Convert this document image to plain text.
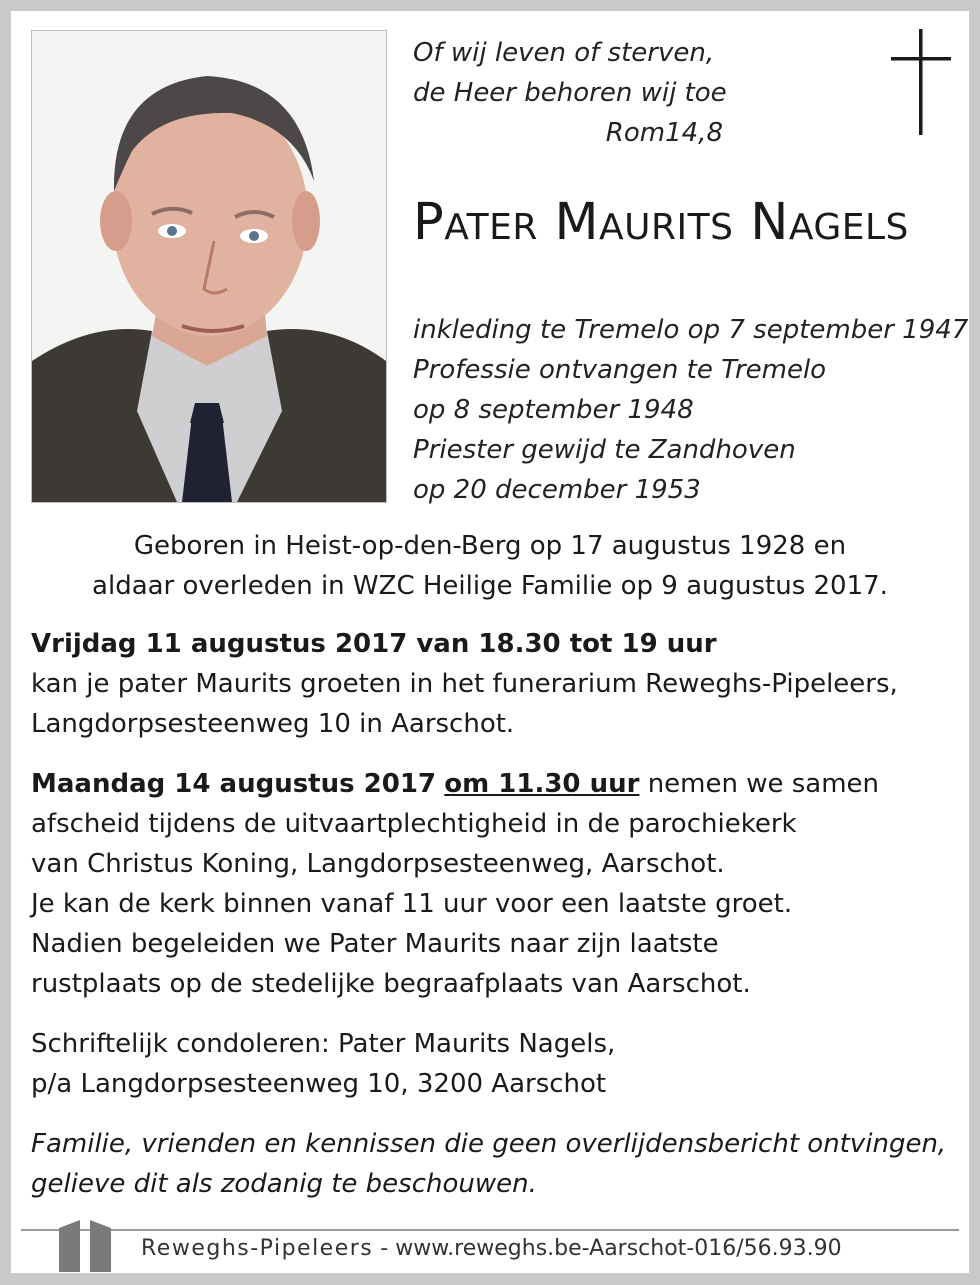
Of wij leven of sterven,
de Heer behoren wij toe
Rom14,8
Pater Maurits Nagels
inkleding te Tremelo op 7 september 1947
Professie ontvangen te Tremelo
op 8 september 1948
Priester gewijd te Zandhoven
op 20 december 1953
Geboren in Heist-op-den-Berg op 17 augustus 1928 en
aldaar overleden in WZC Heilige Familie op 9 augustus 2017.
Vrijdag 11 augustus 2017 van 18.30 tot 19 uur
kan je pater Maurits groeten in het funerarium Reweghs-Pipeleers,
Langdorpsesteenweg 10 in Aarschot.
Maandag 14 augustus 2017 om 11.30 uur nemen we samen
afscheid tijdens de uitvaartplechtigheid in de parochiekerk
van Christus Koning, Langdorpsesteenweg, Aarschot.
Je kan de kerk binnen vanaf 11 uur voor een laatste groet.
Nadien begeleiden we Pater Maurits naar zijn laatste
rustplaats op de stedelijke begraafplaats van Aarschot.
Schriftelijk condoleren: Pater Maurits Nagels,
p/a Langdorpsesteenweg 10, 3200 Aarschot
Familie, vrienden en kennissen die geen overlijdensbericht ontvingen,
gelieve dit als zodanig te beschouwen.
Reweghs-Pipeleers - www.reweghs.be-Aarschot-016/56.93.90
